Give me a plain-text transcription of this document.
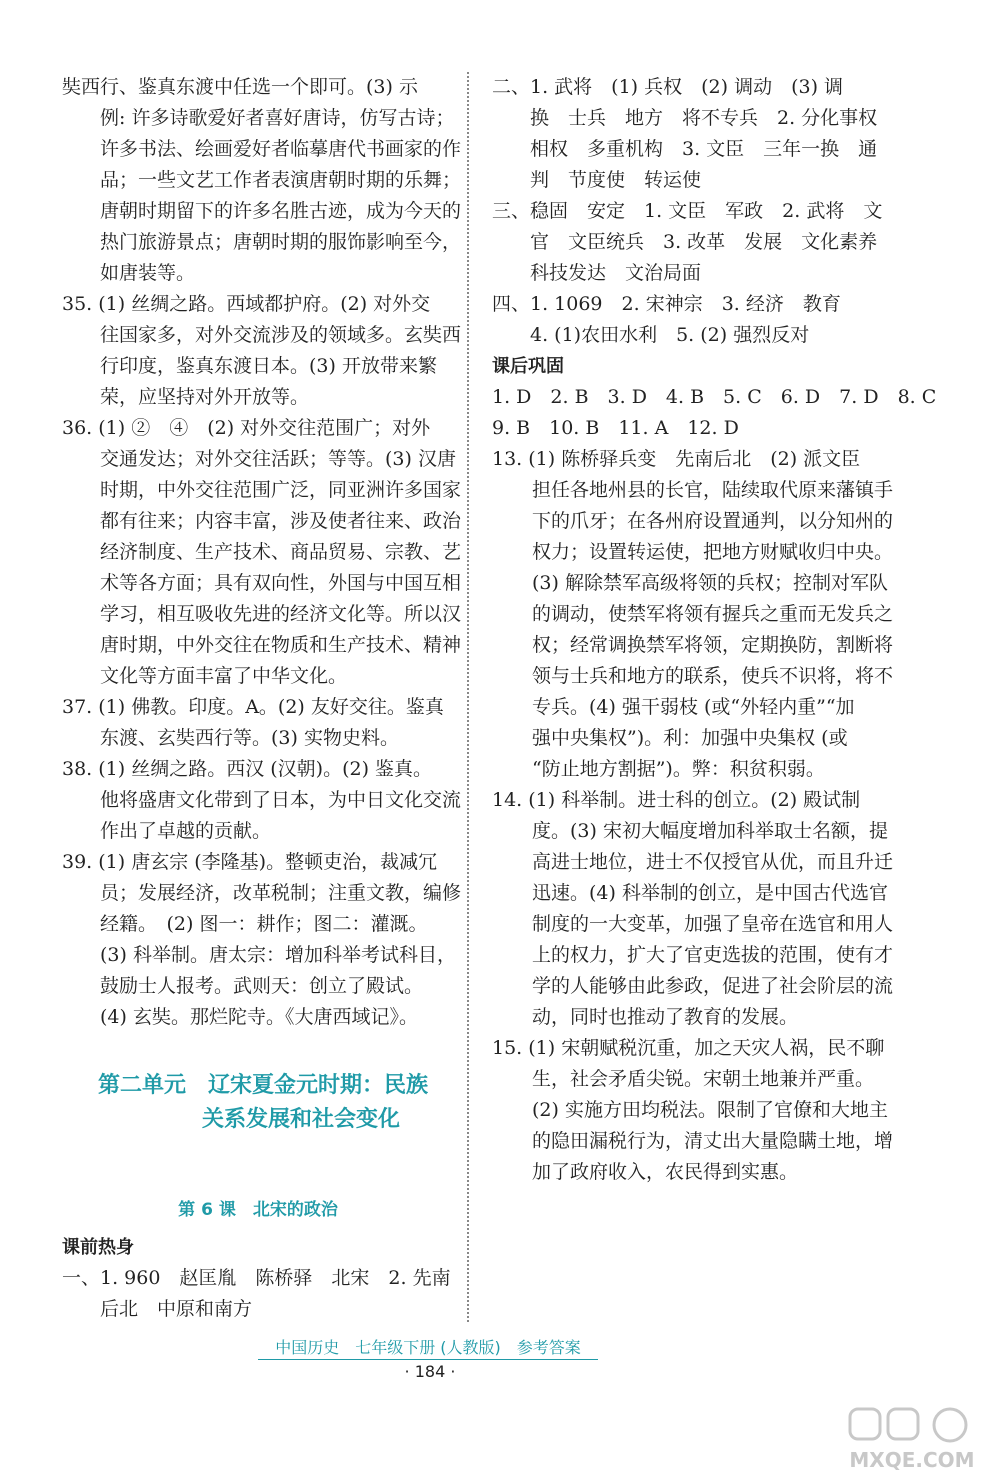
奘西行、鉴真东渡中任选一个即可。(3) 示
例: 许多诗歌爱好者喜好唐诗，仿写古诗；
许多书法、绘画爱好者临摹唐代书画家的作
品；一些文艺工作者表演唐朝时期的乐舞；
唐朝时期留下的许多名胜古迹，成为今天的
热门旅游景点；唐朝时期的服饰影响至今，
如唐装等。
35. (1) 丝绸之路。西域都护府。(2) 对外交
往国家多，对外交流涉及的领域多。玄奘西
行印度，鉴真东渡日本。(3) 开放带来繁
荣，应坚持对外开放等。
36. (1) ②　④　(2) 对外交往范围广；对外
交通发达；对外交往活跃；等等。(3) 汉唐
时期，中外交往范围广泛，同亚洲许多国家
都有往来；内容丰富，涉及使者往来、政治
经济制度、生产技术、商品贸易、宗教、艺
术等各方面；具有双向性，外国与中国互相
学习，相互吸收先进的经济文化等。所以汉
唐时期，中外交往在物质和生产技术、精神
文化等方面丰富了中华文化。
37. (1) 佛教。印度。A。(2) 友好交往。鉴真
东渡、玄奘西行等。(3) 实物史料。
38. (1) 丝绸之路。西汉 (汉朝)。(2) 鉴真。
他将盛唐文化带到了日本，为中日文化交流
作出了卓越的贡献。
39. (1) 唐玄宗 (李隆基)。整顿吏治，裁减冗
员；发展经济，改革税制；注重文教，编修
经籍。　(2) 图一：耕作；图二：灌溉。
(3) 科举制。唐太宗：增加科举考试科目，
鼓励士人报考。武则天：创立了殿试。
(4) 玄奘。那烂陀寺。《大唐西域记》。
第二单元　辽宋夏金元时期：民族
关系发展和社会变化
第 6 课　北宋的政治
课前热身
一、1. 960　赵匡胤　陈桥驿　北宋　2. 先南
后北　中原和南方
二、1. 武将　(1) 兵权　(2) 调动　(3) 调
换　士兵　地方　将不专兵　2. 分化事权
相权　多重机构　3. 文臣　三年一换　通
判　节度使　转运使
三、稳固　安定　1. 文臣　军政　2. 武将　文
官　文臣统兵　3. 改革　发展　文化素养
科技发达　文治局面
四、1. 1069　2. 宋神宗　3. 经济　教育
4. (1)农田水利　5. (2) 强烈反对
课后巩固
1. D　2. B　3. D　4. B　5. C　6. D　7. D　8. C
9. B　10. B　11. A　12. D
13. (1) 陈桥驿兵变　先南后北　(2) 派文臣
担任各地州县的长官，陆续取代原来藩镇手
下的爪牙；在各州府设置通判，以分知州的
权力；设置转运使，把地方财赋收归中央。
(3) 解除禁军高级将领的兵权；控制对军队
的调动，使禁军将领有握兵之重而无发兵之
权；经常调换禁军将领，定期换防，割断将
领与士兵和地方的联系，使兵不识将，将不
专兵。(4) 强干弱枝 (或“外轻内重”“加
强中央集权”)。利：加强中央集权 (或
“防止地方割据”)。弊：积贫积弱。
14. (1) 科举制。进士科的创立。(2) 殿试制
度。(3) 宋初大幅度增加科举取士名额，提
高进士地位，进士不仅授官从优，而且升迁
迅速。(4) 科举制的创立，是中国古代选官
制度的一大变革，加强了皇帝在选官和用人
上的权力，扩大了官吏选拔的范围，使有才
学的人能够由此参政，促进了社会阶层的流
动，同时也推动了教育的发展。
15. (1) 宋朝赋税沉重，加之天灾人祸，民不聊
生，社会矛盾尖锐。宋朝土地兼并严重。
(2) 实施方田均税法。限制了官僚和大地主
的隐田漏税行为，清丈出大量隐瞒土地，增
加了政府收入，农民得到实惠。
中国历史　七年级下册 (人教版)　参考答案
· 184 ·
MXQE.COM
